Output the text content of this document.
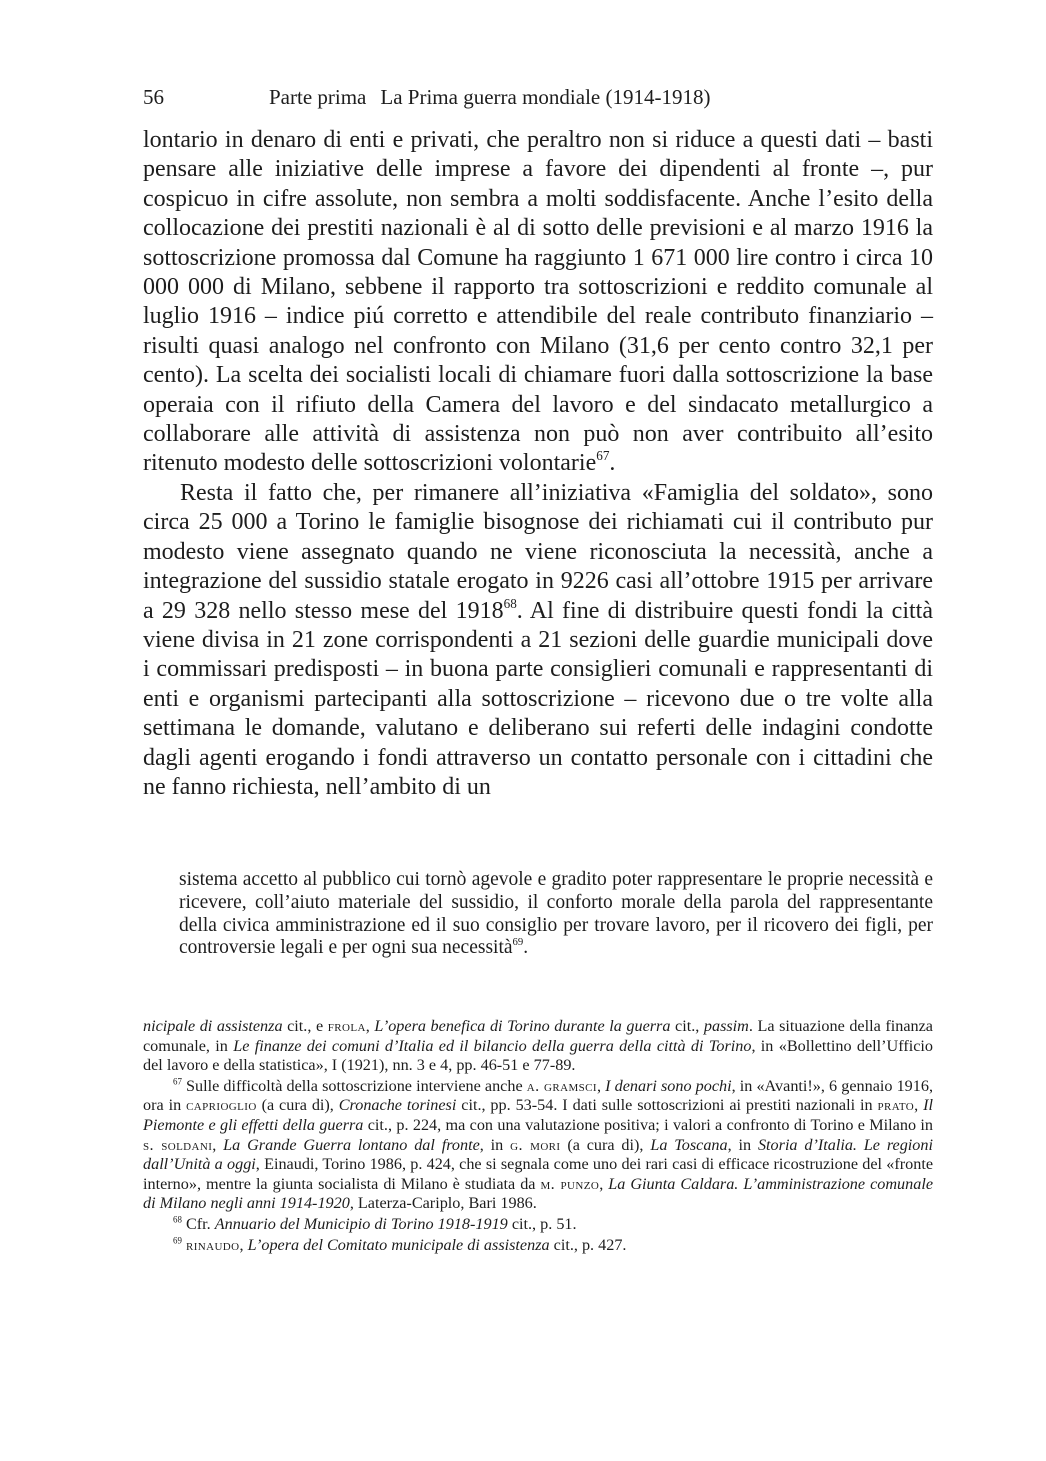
56	Parte prima La Prima guerra mondiale (1914-1918)

lontario in denaro di enti e privati, che peraltro non si riduce a questi dati – basti pensare alle iniziative delle imprese a favore dei dipendenti al fronte –, pur cospicuo in cifre assolute, non sembra a molti soddisfacente. Anche l’esito della collocazione dei prestiti nazionali è al di sotto delle previsioni e al marzo 1916 la sottoscrizione promossa dal Comune ha raggiunto 1 671 000 lire contro i circa 10 000 000 di Milano, sebbene il rapporto tra sottoscrizioni e reddito comunale al luglio 1916 – indice piú corretto e attendibile del reale contributo finanziario – risulti quasi analogo nel confronto con Milano (31,6 per cento contro 32,1 per cento). La scelta dei socialisti locali di chiamare fuori dalla sottoscrizione la base operaia con il rifiuto della Camera del lavoro e del sindacato metallurgico a collaborare alle attività di assistenza non può non aver contribuito all’esito ritenuto modesto delle sottoscrizioni volontarie$^{67}$.

Resta il fatto che, per rimanere all’iniziativa «Famiglia del soldato», sono circa 25 000 a Torino le famiglie bisognose dei richiamati cui il contributo pur modesto viene assegnato quando ne viene riconosciuta la necessità, anche a integrazione del sussidio statale erogato in 9226 casi all’ottobre 1915 per arrivare a 29 328 nello stesso mese del 1918$^{68}$. Al fine di distribuire questi fondi la città viene divisa in 21 zone corrispondenti a 21 sezioni delle guardie municipali dove i commissari predisposti – in buona parte consiglieri comunali e rappresentanti di enti e organismi partecipanti alla sottoscrizione – ricevono due o tre volte alla settimana le domande, valutano e deliberano sui referti delle indagini condotte dagli agenti erogando i fondi attraverso un contatto personale con i cittadini che ne fanno richiesta, nell’ambito di un

sistema accetto al pubblico cui tornò agevole e gradito poter rappresentare le proprie necessità e ricevere, coll’aiuto materiale del sussidio, il conforto morale della parola del rappresentante della civica amministrazione ed il suo consiglio per trovare lavoro, per il ricovero dei figli, per controversie legali e per ogni sua necessità$^{69}$.

nicipale di assistenza cit., e frola, L’opera benefica di Torino durante la guerra cit., passim. La situazione della finanza comunale, in Le finanze dei comuni d’Italia ed il bilancio della guerra della città di Torino, in «Bollettino dell’Ufficio del lavoro e della statistica», I (1921), nn. 3 e 4, pp. 46-51 e 77-89.

$^{67}$ Sulle difficoltà della sottoscrizione interviene anche a. gramsci, I denari sono pochi, in «Avanti!», 6 gennaio 1916, ora in caprioglio (a cura di), Cronache torinesi cit., pp. 53-54. I dati sulle sottoscrizioni ai prestiti nazionali in prato, Il Piemonte e gli effetti della guerra cit., p. 224, ma con una valutazione positiva; i valori a confronto di Torino e Milano in s. soldani, La Grande Guerra lontano dal fronte, in g. mori (a cura di), La Toscana, in Storia d’Italia. Le regioni dall’Unità a oggi, Einaudi, Torino 1986, p. 424, che si segnala come uno dei rari casi di efficace ricostruzione del «fronte interno», mentre la giunta socialista di Milano è studiata da m. punzo, La Giunta Caldara. L’amministrazione comunale di Milano negli anni 1914-1920, Laterza-Cariplo, Bari 1986.

$^{68}$ Cfr. Annuario del Municipio di Torino 1918-1919 cit., p. 51.

$^{69}$ rinaudo, L’opera del Comitato municipale di assistenza cit., p. 427.
